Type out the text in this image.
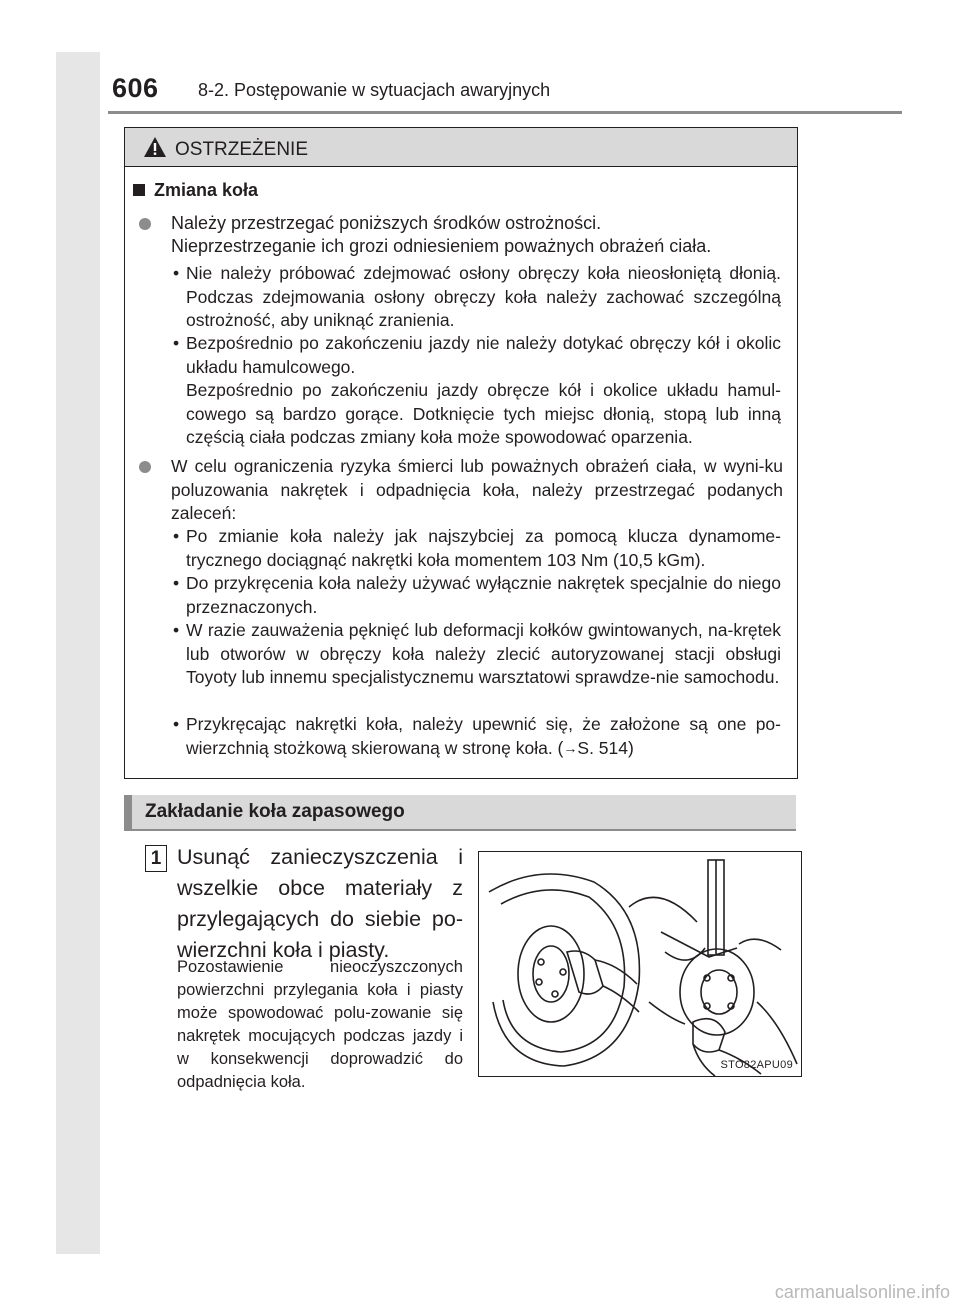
606 8-2. Postępowanie w sytuacjach awaryjnych
OSTRZEŻENIE
Zmiana koła
Należy przestrzegać poniższych środków ostrożności.
Nieprzestrzeganie ich grozi odniesieniem poważnych obrażeń ciała.
• Nie należy próbować zdejmować osłony obręczy koła nieosłoniętą dłonią. Podczas zdejmowania osłony obręczy koła należy zachować szczególną ostrożność, aby uniknąć zranienia.
• Bezpośrednio po zakończeniu jazdy nie należy dotykać obręczy kół i okolic układu hamulcowego.
Bezpośrednio po zakończeniu jazdy obręcze kół i okolice układu hamul-cowego są bardzo gorące. Dotknięcie tych miejsc dłonią, stopą lub inną częścią ciała podczas zmiany koła może spowodować oparzenia.
W celu ograniczenia ryzyka śmierci lub poważnych obrażeń ciała, w wyni-ku poluzowania nakrętek i odpadnięcia koła, należy przestrzegać podanych zaleceń:
• Po zmianie koła należy jak najszybciej za pomocą klucza dynamome-trycznego dociągnąć nakrętki koła momentem 103 Nm (10,5 kGm).
• Do przykręcenia koła należy używać wyłącznie nakrętek specjalnie do niego przeznaczonych.
• W razie zauważenia pęknięć lub deformacji kołków gwintowanych, na-krętek lub otworów w obręczy koła należy zlecić autoryzowanej stacji obsługi Toyoty lub innemu specjalistycznemu warsztatowi sprawdze-nie samochodu.
• Przykręcając nakrętki koła, należy upewnić się, że założone są one po-wierzchnią stożkową skierowaną w stronę koła. (→S. 514)
Zakładanie koła zapasowego
1 Usunąć zanieczyszczenia i wszelkie obce materiały z przylegających do siebie po-wierzchni koła i piasty.
Pozostawienie nieoczyszczonych powierzchni przylegania koła i piasty może spowodować polu-zowanie się nakrętek mocujących podczas jazdy i w konsekwencji doprowadzić do odpadnięcia koła.
STO82APU09
carmanualsonline.info
